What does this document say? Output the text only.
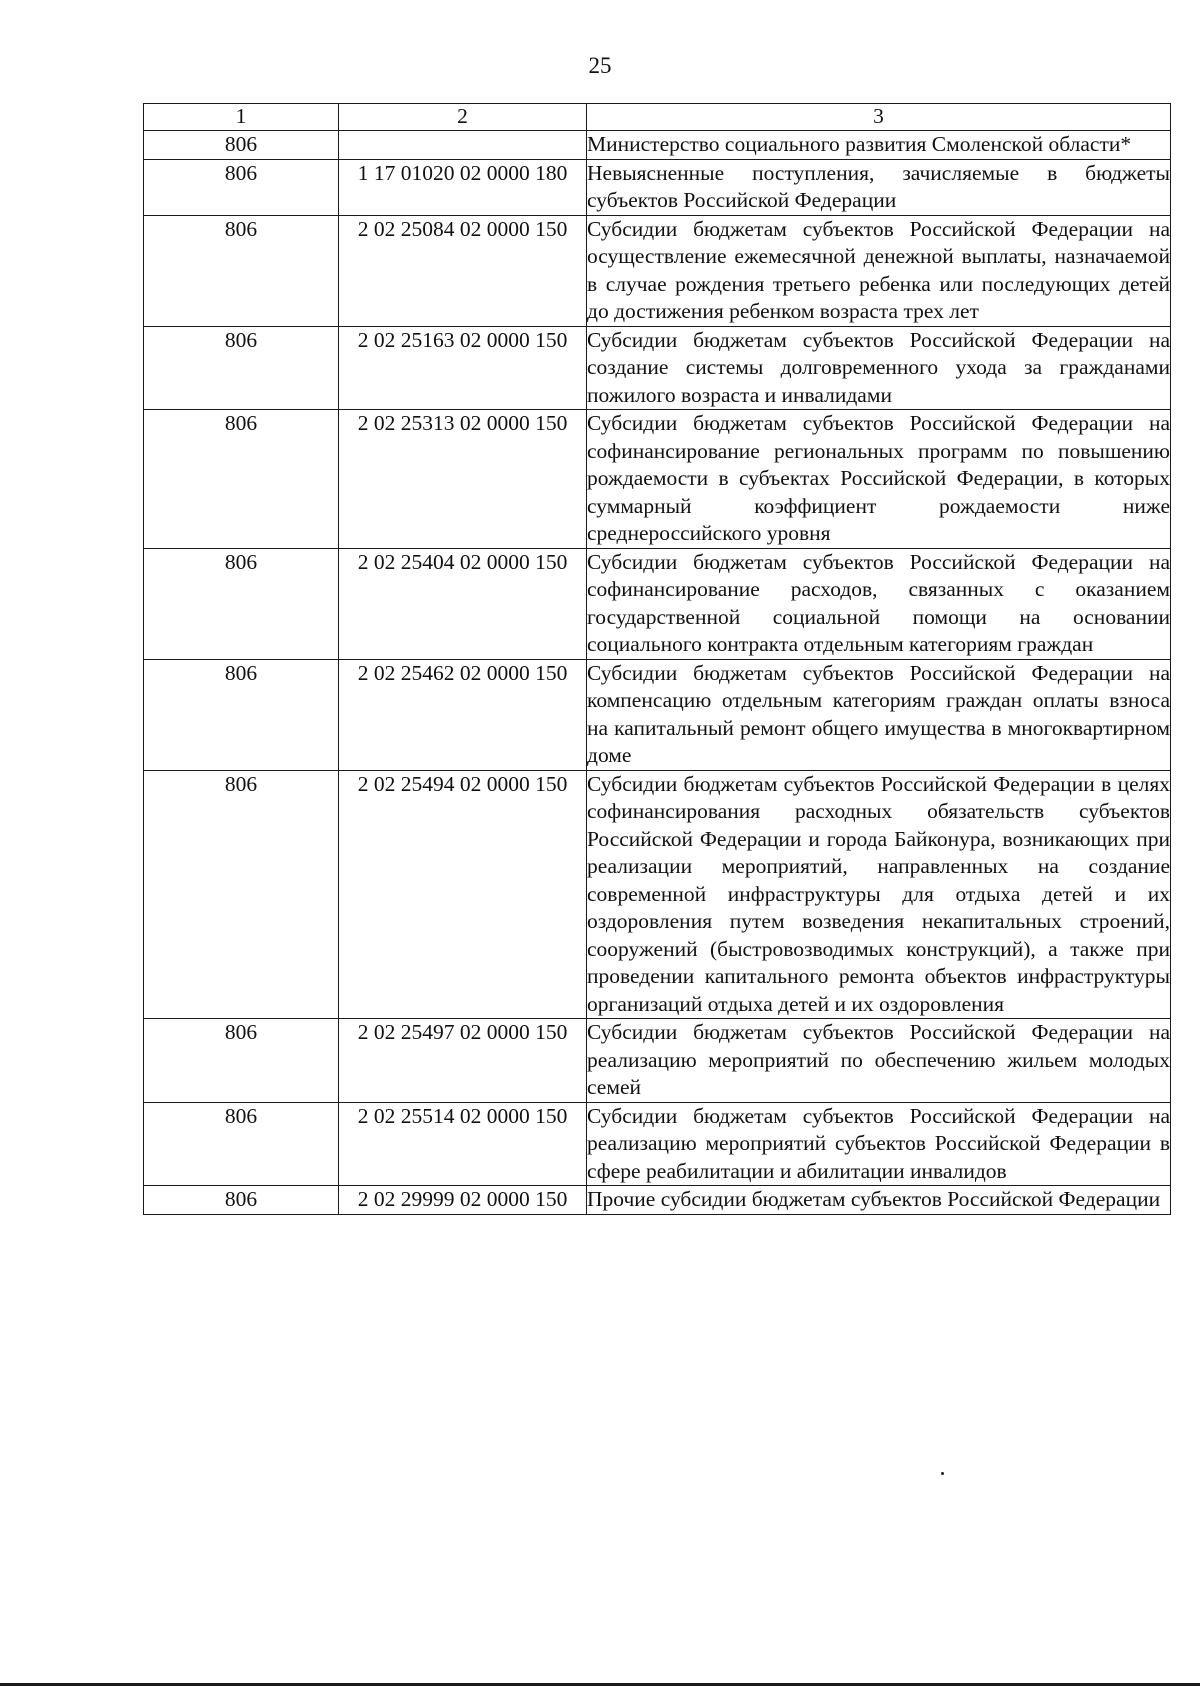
25
1	2	3
806		Министерство социального развития Смоленской области*
806	1 17 01020 02 0000 180	Невыясненные поступления, зачисляемые в бюджеты субъектов Российской Федерации
806	2 02 25084 02 0000 150	Субсидии бюджетам субъектов Российской Федерации на осуществление ежемесячной денежной выплаты, назначаемой в случае рождения третьего ребенка или последующих детей до достижения ребенком возраста трех лет
806	2 02 25163 02 0000 150	Субсидии бюджетам субъектов Российской Федерации на создание системы долговременного ухода за гражданами пожилого возраста и инвалидами
806	2 02 25313 02 0000 150	Субсидии бюджетам субъектов Российской Федерации на софинансирование региональных программ по повышению рождаемости в субъектах Российской Федерации, в которых суммарный коэффициент рождаемости ниже среднероссийского уровня
806	2 02 25404 02 0000 150	Субсидии бюджетам субъектов Российской Федерации на софинансирование расходов, связанных с оказанием государственной социальной помощи на основании социального контракта отдельным категориям граждан
806	2 02 25462 02 0000 150	Субсидии бюджетам субъектов Российской Федерации на компенсацию отдельным категориям граждан оплаты взноса на капитальный ремонт общего имущества в многоквартирном доме
806	2 02 25494 02 0000 150	Субсидии бюджетам субъектов Российской Федерации в целях софинансирования расходных обязательств субъектов Российской Федерации и города Байконура, возникающих при реализации мероприятий, направленных на создание современной инфраструктуры для отдыха детей и их оздоровления путем возведения некапитальных строений, сооружений (быстровозводимых конструкций), а также при проведении капитального ремонта объектов инфраструктуры организаций отдыха детей и их оздоровления
806	2 02 25497 02 0000 150	Субсидии бюджетам субъектов Российской Федерации на реализацию мероприятий по обеспечению жильем молодых семей
806	2 02 25514 02 0000 150	Субсидии бюджетам субъектов Российской Федерации на реализацию мероприятий субъектов Российской Федерации в сфере реабилитации и абилитации инвалидов
806	2 02 29999 02 0000 150	Прочие субсидии бюджетам субъектов Российской Федерации
